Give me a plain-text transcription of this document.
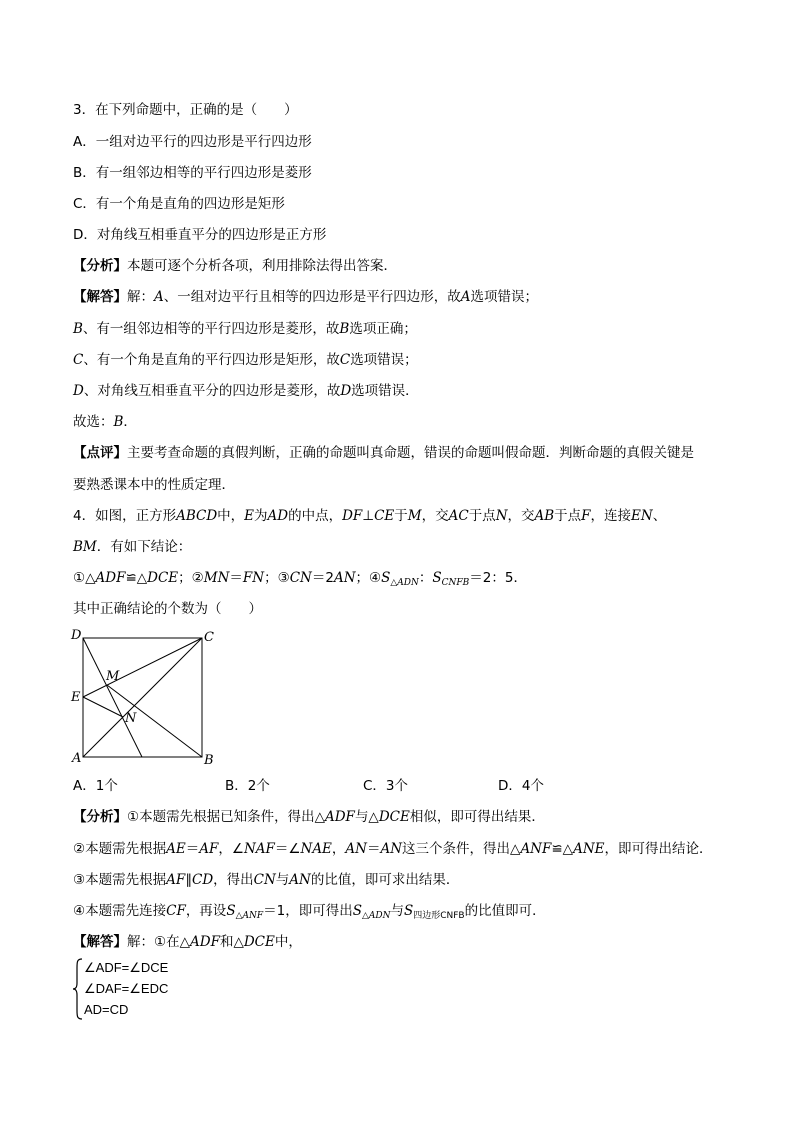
3．在下列命题中，正确的是（　　）
A．一组对边平行的四边形是平行四边形
B．有一组邻边相等的平行四边形是菱形
C．有一个角是直角的四边形是矩形
D．对角线互相垂直平分的四边形是正方形
【分析】本题可逐个分析各项，利用排除法得出答案．
【解答】解：A、一组对边平行且相等的四边形是平行四边形，故A选项错误；
B、有一组邻边相等的平行四边形是菱形，故B选项正确；
C、有一个角是直角的平行四边形是矩形，故C选项错误；
D、对角线互相垂直平分的四边形是菱形，故D选项错误．
故选：B．
【点评】主要考查命题的真假判断，正确的命题叫真命题，错误的命题叫假命题．判断命题的真假关键是
要熟悉课本中的性质定理．
4．如图，正方形ABCD中，E为AD的中点，DF⊥CE于M，交AC于点N，交AB于点F，连接EN、
BM．有如下结论：
①△ADF≌△DCE；②MN＝FN；③CN＝2AN；$④S_{\triangle ADN}$：$S_{CNFB}=2$：5．
其中正确结论的个数为（　　）
D	C
E
M
N
A	B
A．1个	B．2个	C．3个	D．4个
【分析】①本题需先根据已知条件，得出△ADF与△DCE相似，即可得出结果．
②本题需先根据AE＝AF，∠NAF＝∠NAE，AN＝AN这三个条件，得出△ANF≌△ANE，即可得出结论．
③本题需先根据AF∥CD，得出CN与AN的比值，即可求出结果．
④本题需先连接CF，再设$S_{\triangle ANF}=1$，即可得出$S_{\triangle ADN}$与$S_{四边形CNFB}$的比值即可．
【解答】解：①在△ADF和△DCE中，
∠ADF=∠DCE
∠DAF=∠EDC
AD=CD
